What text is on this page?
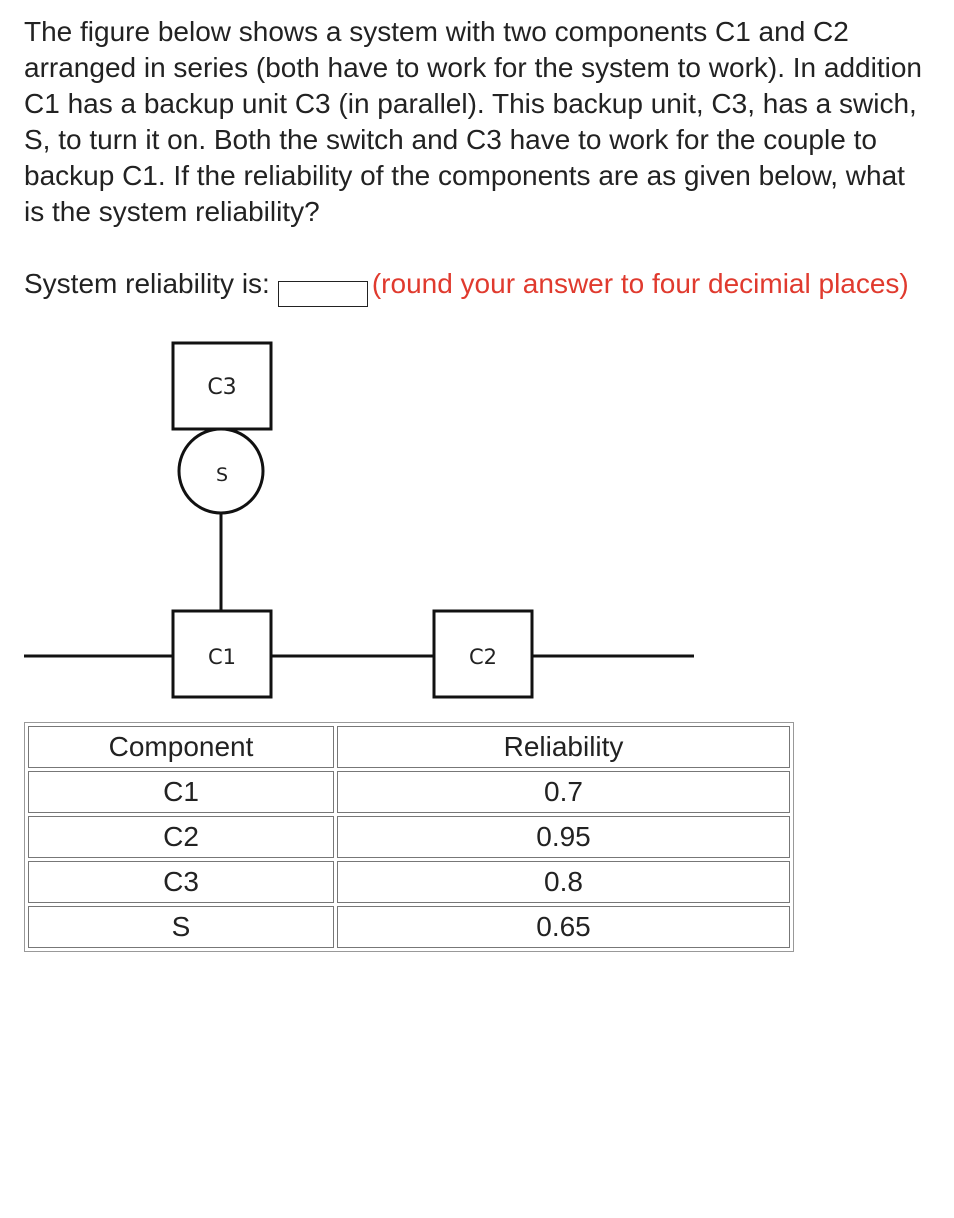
The figure below shows a system with two components C1 and C2 arranged in series (both have to work for the system to work). In addition C1 has a backup unit C3 (in parallel). This backup unit, C3, has a swich, S, to turn it on. Both the switch and C3 have to work for the couple to backup C1. If the reliability of the components are as given below, what is the system reliability?

System reliability is:	(round your answer to four decimial places)

C3
S
C1	C2
Component	Reliability
C1	0.7
C2	0.95
C3	0.8
S	0.65
